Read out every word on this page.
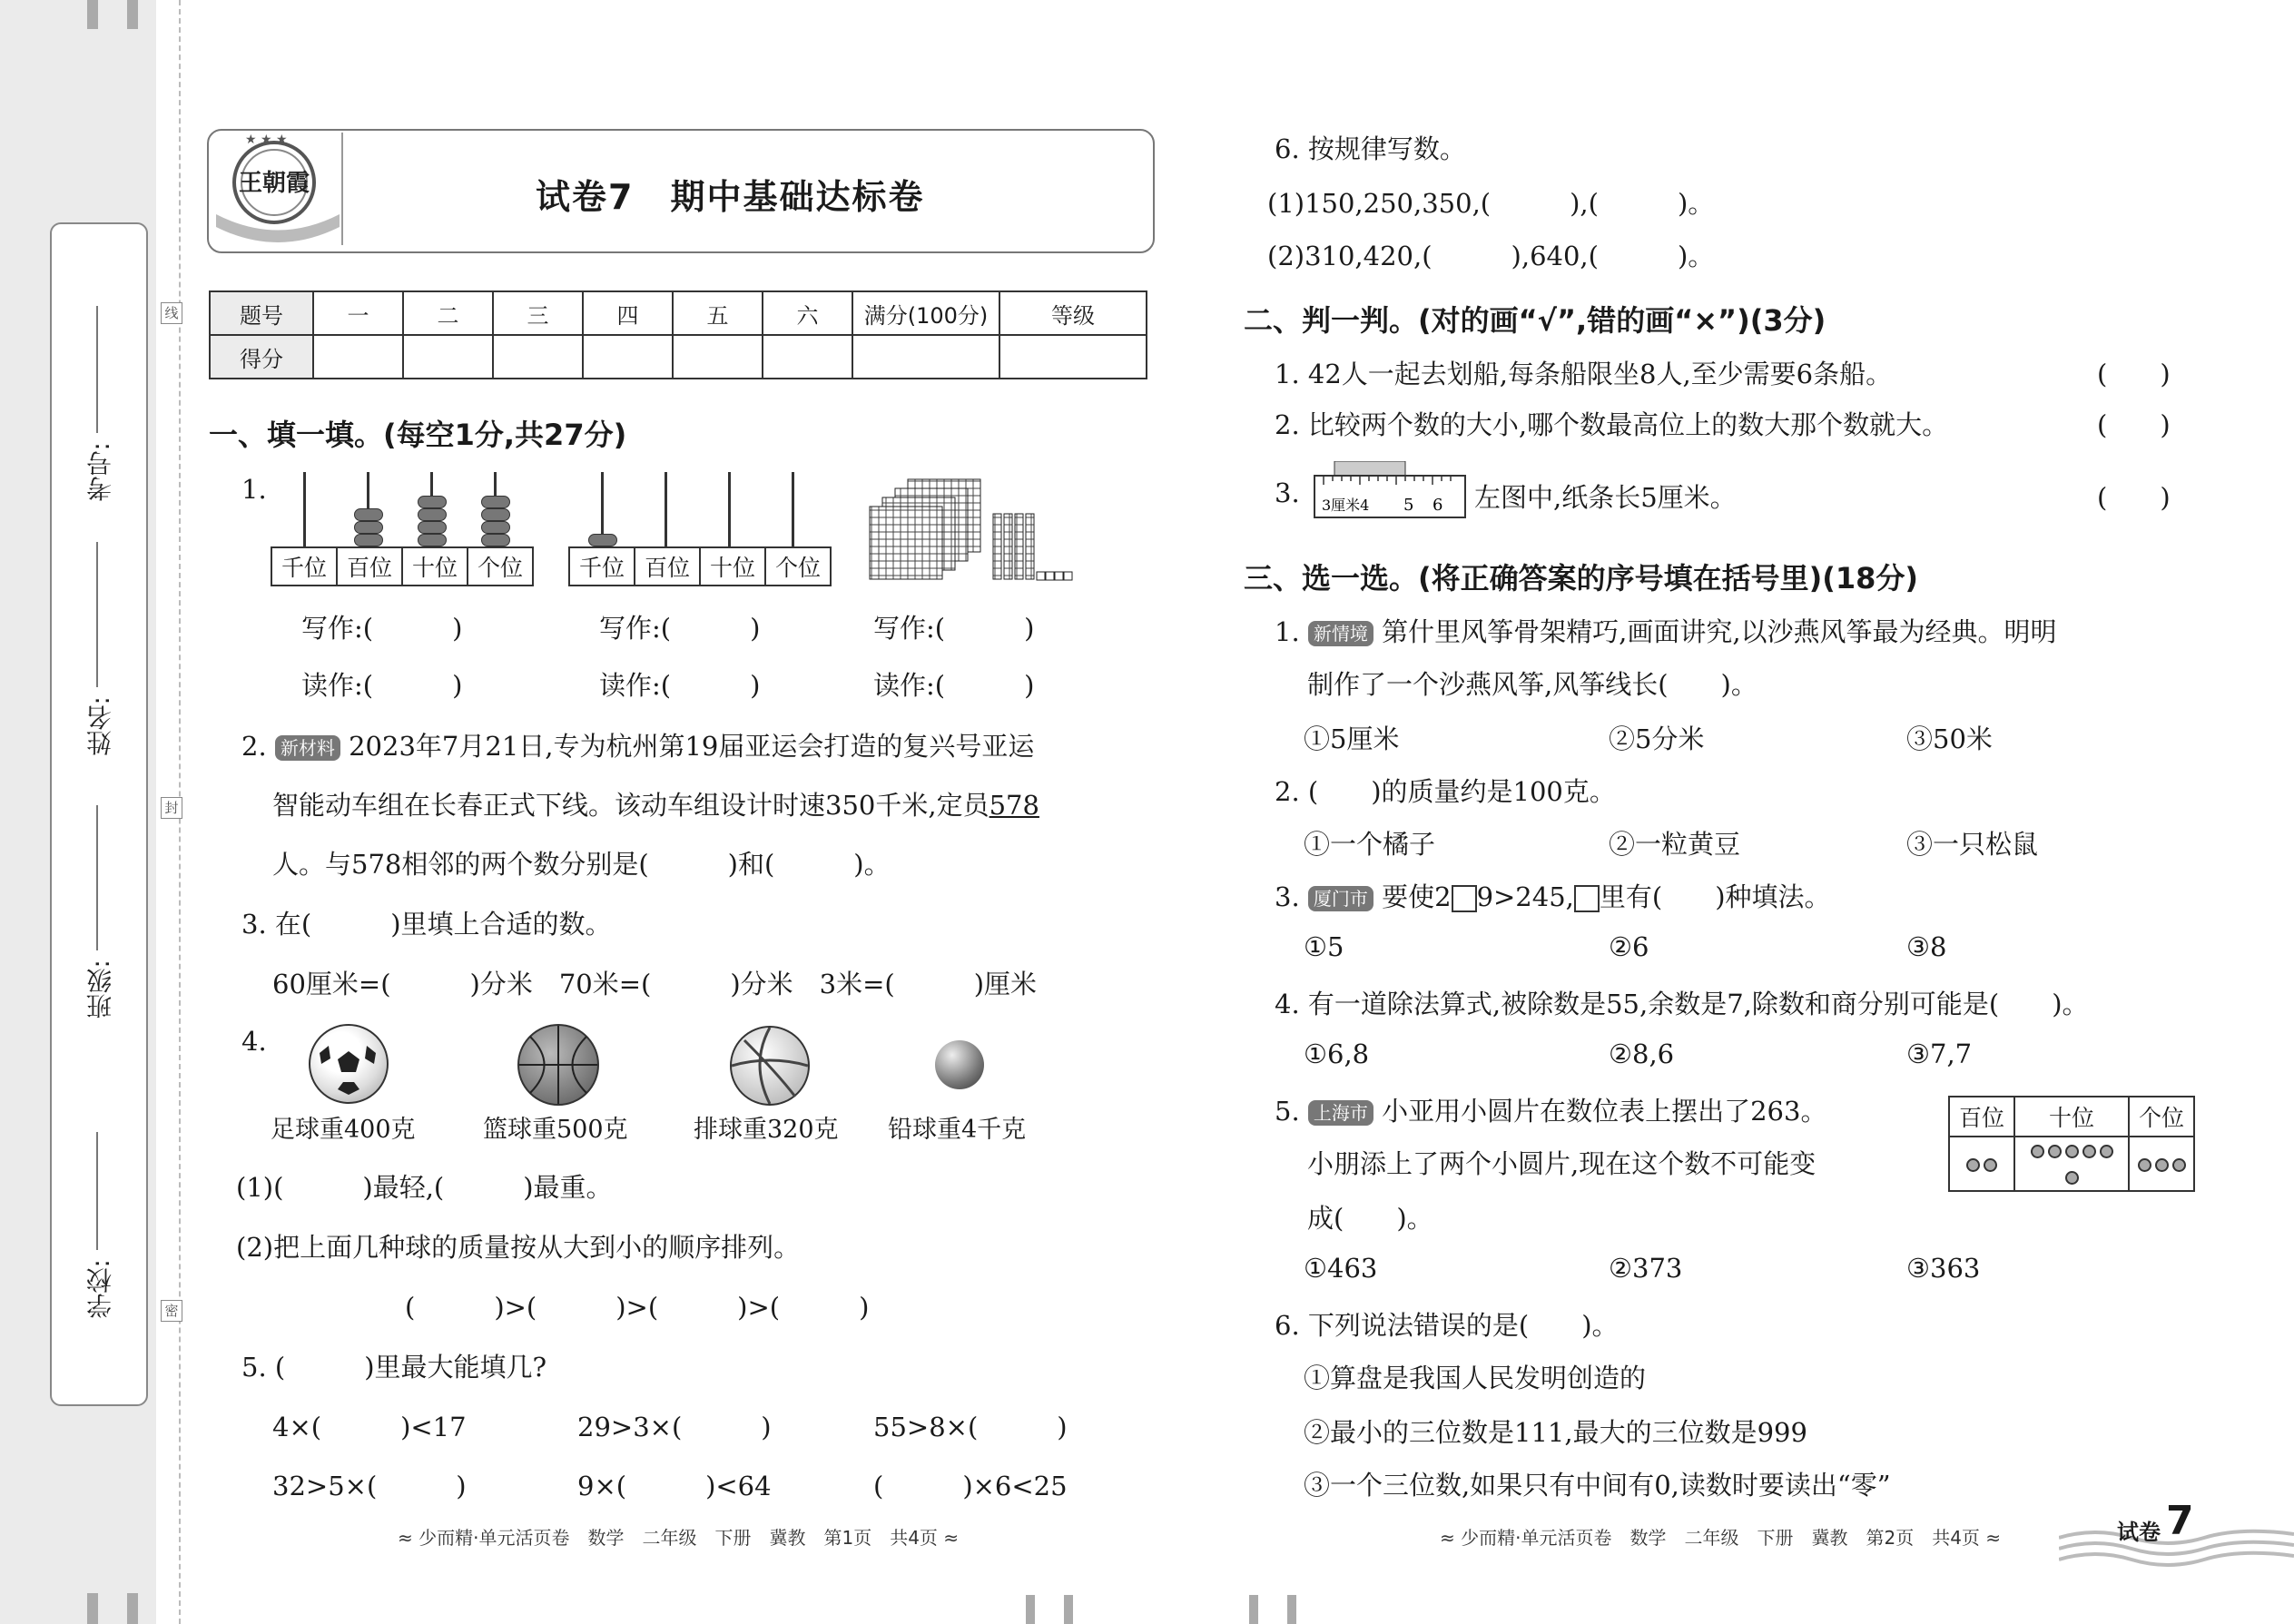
学校:
班级:
姓名:
考号:
线
封
密
★ ★ ★
王朝霞	试卷7　期中基础达标卷
题号	一	二	三	四	五	六	满分(100分)	等级
得分								
一、填一填。(每空1分,共27分)
1.
千位 百位 十位 个位	千位 百位 十位 个位
写作:(　　　)	写作:(　　　)	写作:(　　　)
读作:(　　　)	读作:(　　　)	读作:(　　　)
2. 新材料 2023年7月21日,专为杭州第19届亚运会打造的复兴号亚运
智能动车组在长春正式下线。该动车组设计时速350千米,定员578
人。与578相邻的两个数分别是(　　　)和(　　　)。
3. 在(　　　)里填上合适的数。
60厘米=(　　　)分米　70米=(　　　)分米　3米=(　　　)厘米
4.
足球重400克	篮球重500克	排球重320克 铅球重4千克
(1)(　　　)最轻,(　　　)最重。
(2)把上面几种球的质量按从大到小的顺序排列。
(　　　)>(　　　)>(　　　)>(　　　)
5. (　　　)里最大能填几?
4×(　　　)<17	29>3×(　　　)	55>8×(　　　)
32>5×(　　　)	9×(　　　)<64	(　　　)×6<25
≈ 少而精·单元活页卷　数学　二年级　下册　冀教　第1页　共4页 ≈
6. 按规律写数。
(1)150,250,350,(　　　),(　　　)。
(2)310,420,(　　　),640,(　　　)。
二、判一判。(对的画“√”,错的画“×”)(3分)
1. 42人一起去划船,每条船限坐8人,至少需要6条船。	(　　)
2. 比较两个数的大小,哪个数最高位上的数大那个数就大。	(　　)
3. 3厘米4 5 6 左图中,纸条长5厘米。	(　　)
三、选一选。(将正确答案的序号填在括号里)(18分)
1. 新情境 第什里风筝骨架精巧,画面讲究,以沙燕风筝最为经典。明明
制作了一个沙燕风筝,风筝线长(　　)。
①5厘米	②5分米	③50米
2. (　　)的质量约是100克。
①一个橘子	②一粒黄豆	③一只松鼠
3. 厦门市 要使2 9>245, 里有(　　)种填法。
①5	②6	③8
4. 有一道除法算式,被除数是55,余数是7,除数和商分别可能是(　　)。
①6,8	②8,6	③7,7
5. 上海市 小亚用小圆片在数位表上摆出了263。
小朋添上了两个小圆片,现在这个数不可能变
成(　　)。
百位	十位	个位

①463	②373	③363
6. 下列说法错误的是(　　)。
①算盘是我国人民发明创造的
②最小的三位数是111,最大的三位数是999
③一个三位数,如果只有中间有0,读数时要读出“零”
≈ 少而精·单元活页卷　数学　二年级　下册　冀教　第2页　共4页 ≈	试卷 7
